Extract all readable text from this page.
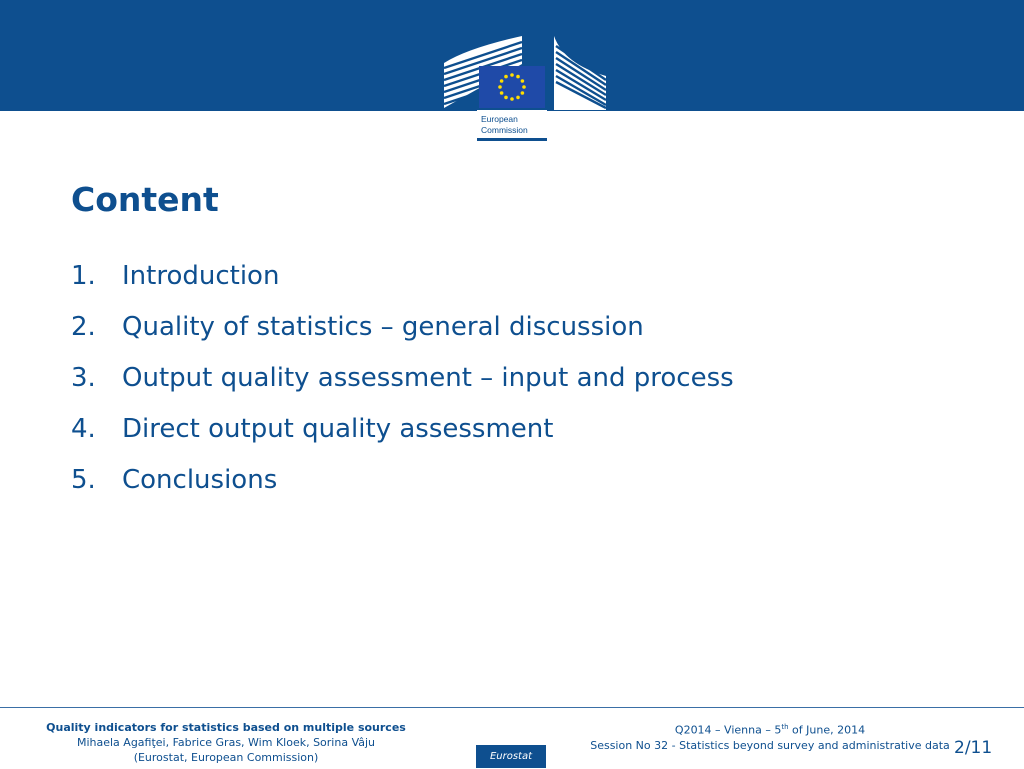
European
Commission
Content
1. Introduction
2. Quality of statistics – general discussion
3. Output quality assessment – input and process
4. Direct output quality assessment
5. Conclusions
Quality indicators for statistics based on multiple sources
Mihaela Agafiţei, Fabrice Gras, Wim Kloek, Sorina Vâju
(Eurostat, European Commission)
Q2014 – Vienna – 5th of June, 2014
Session No 32 - Statistics beyond survey and administrative data
Eurostat	2/11
